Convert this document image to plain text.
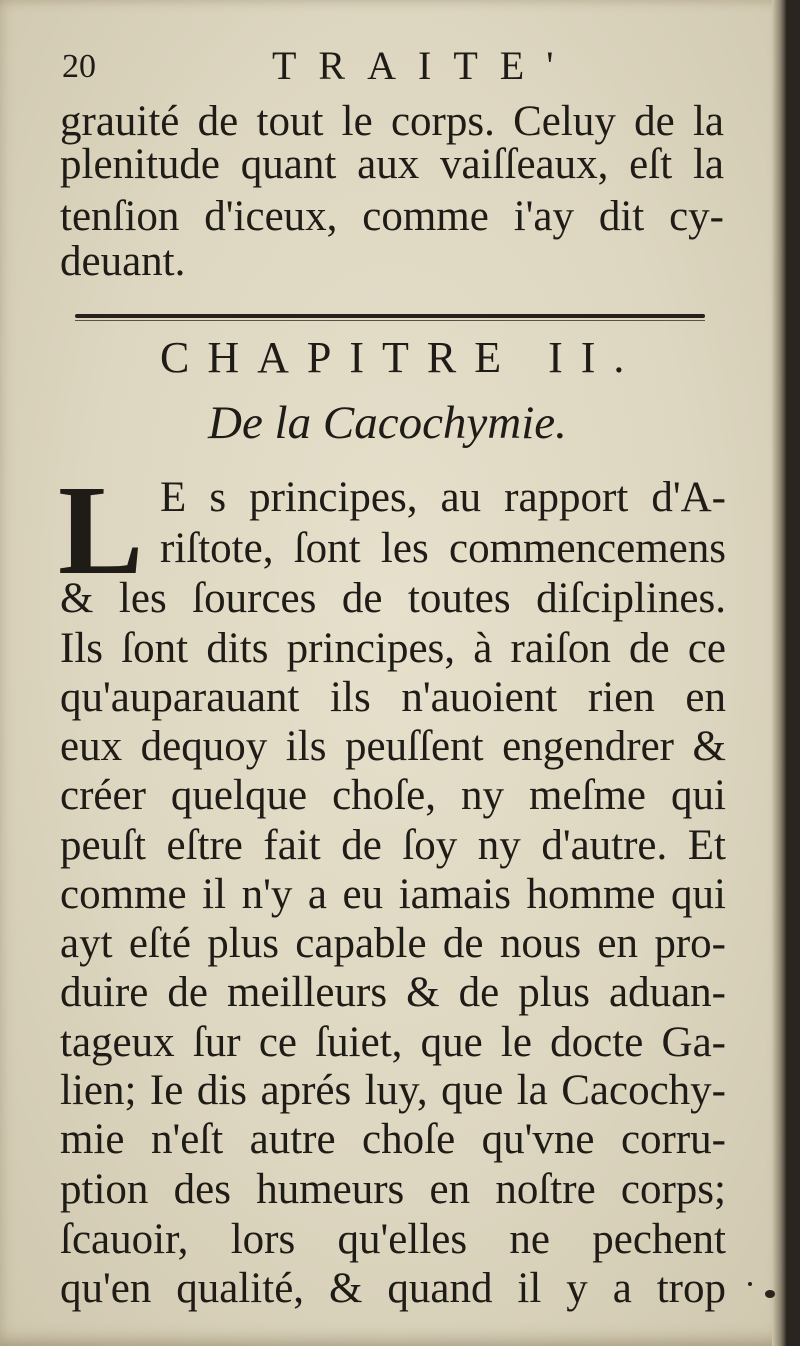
20	TRAITE'
grauité de tout le corps. Celuy de la
plenitude quant aux vaiſſeaux, eſt la
tenſion d'iceux, comme i'ay dit cy-
deuant.
CHAPITRE II.
De la Cacochymie.
L E s principes, au rapport d'A-
riſtote, ſont les commencemens
& les ſources de toutes diſciplines.
Ils ſont dits principes, à raiſon de ce
qu'auparauant ils n'auoient rien en
eux dequoy ils peuſſent engendrer &
créer quelque choſe, ny meſme qui
peuſt eſtre fait de ſoy ny d'autre. Et
comme il n'y a eu iamais homme qui
ayt eſté plus capable de nous en pro-
duire de meilleurs & de plus aduan-
tageux ſur ce ſuiet, que le docte Ga-
lien; Ie dis aprés luy, que la Cacochy-
mie n'eſt autre choſe qu'vne corru-
ption des humeurs en noſtre corps;
ſcauoir, lors qu'elles ne pechent
qu'en qualité, & quand il y a trop
